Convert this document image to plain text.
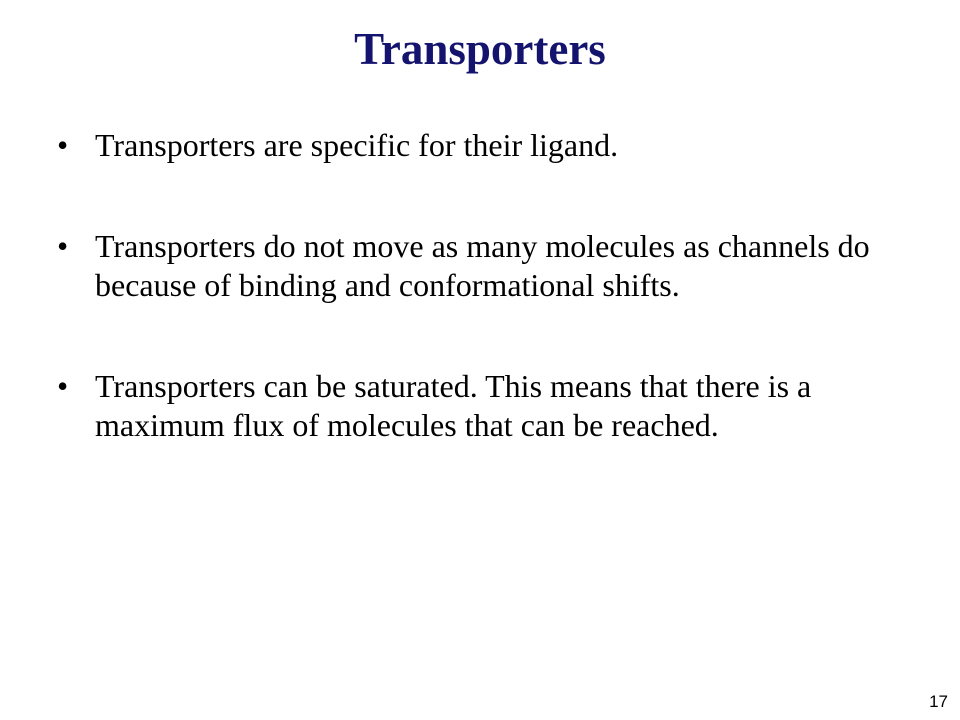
Transporters
• Transporters are specific for their ligand.
• Transporters do not move as many molecules as channels do because of binding and conformational shifts.
• Transporters can be saturated. This means that there is a maximum flux of molecules that can be reached.
17
